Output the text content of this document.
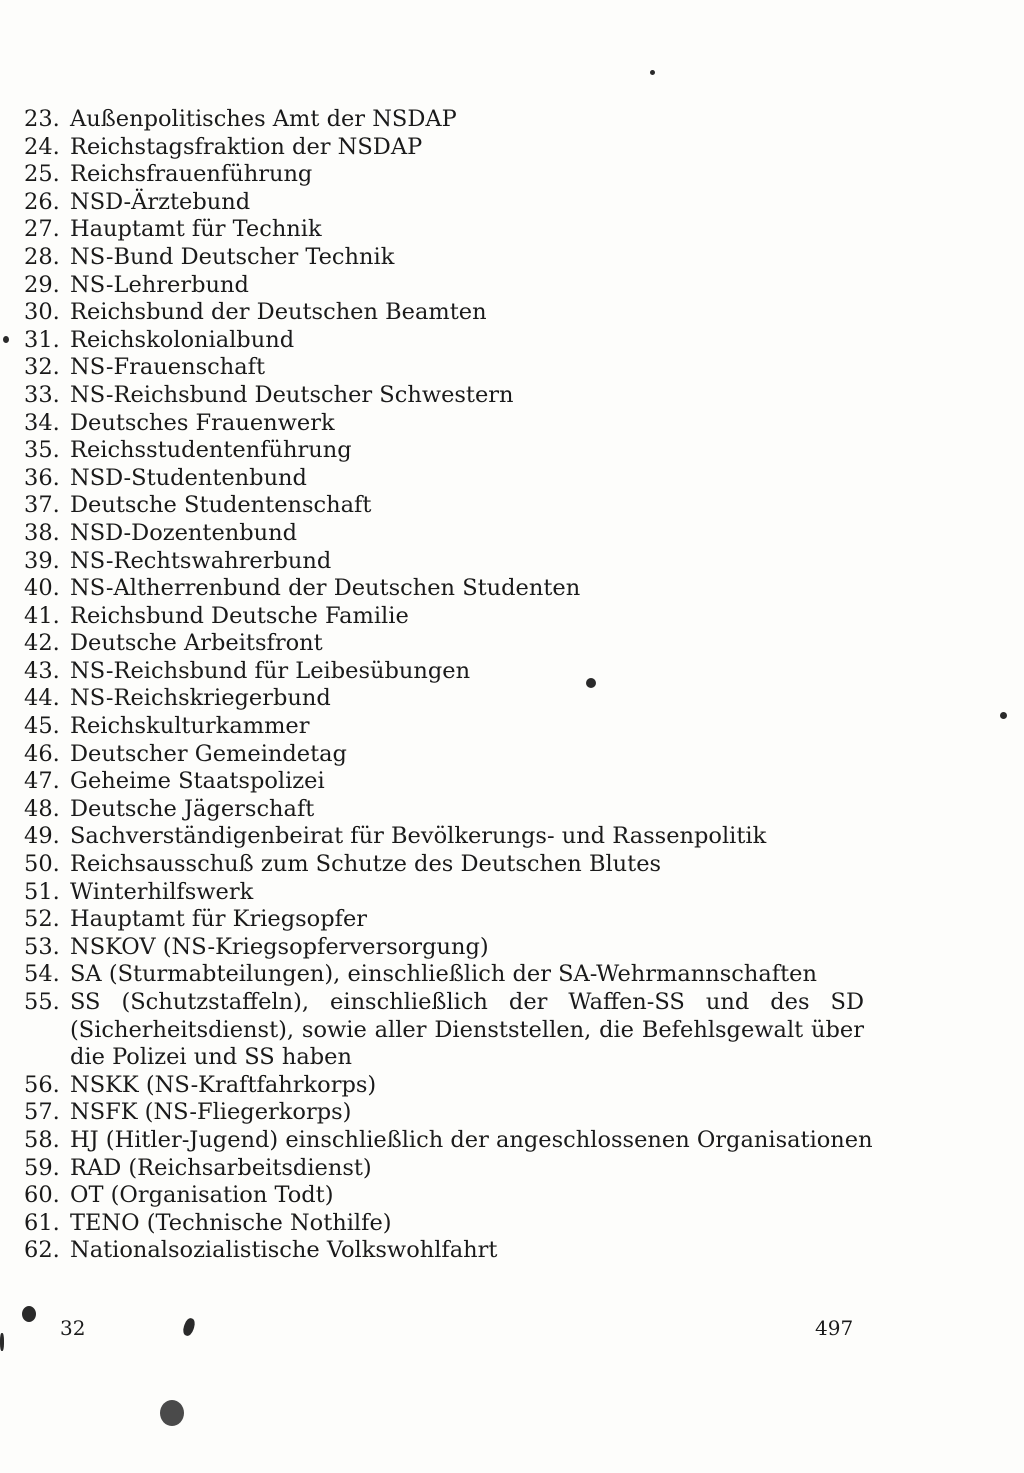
23. Außenpolitisches Amt der NSDAP
24. Reichstagsfraktion der NSDAP
25. Reichsfrauenführung
26. NSD-Ärztebund
27. Hauptamt für Technik
28. NS-Bund Deutscher Technik
29. NS-Lehrerbund
30. Reichsbund der Deutschen Beamten
31. Reichskolonialbund
32. NS-Frauenschaft
33. NS-Reichsbund Deutscher Schwestern
34. Deutsches Frauenwerk
35. Reichsstudentenführung
36. NSD-Studentenbund
37. Deutsche Studentenschaft
38. NSD-Dozentenbund
39. NS-Rechtswahrerbund
40. NS-Altherrenbund der Deutschen Studenten
41. Reichsbund Deutsche Familie
42. Deutsche Arbeitsfront
43. NS-Reichsbund für Leibesübungen
44. NS-Reichskriegerbund
45. Reichskulturkammer
46. Deutscher Gemeindetag
47. Geheime Staatspolizei
48. Deutsche Jägerschaft
49. Sachverständigenbeirat für Bevölkerungs- und Rassenpolitik
50. Reichsausschuß zum Schutze des Deutschen Blutes
51. Winterhilfswerk
52. Hauptamt für Kriegsopfer
53. NSKOV (NS-Kriegsopferversorgung)
54. SA (Sturmabteilungen), einschließlich der SA-Wehrmannschaften
55. SS (Schutzstaffeln), einschließlich der Waffen-SS und des SD (Sicherheitsdienst), sowie aller Dienststellen, die Befehlsgewalt über die Polizei und SS haben
56. NSKK (NS-Kraftfahrkorps)
57. NSFK (NS-Fliegerkorps)
58. HJ (Hitler-Jugend) einschließlich der angeschlossenen Organisationen
59. RAD (Reichsarbeitsdienst)
60. OT (Organisation Todt)
61. TENO (Technische Nothilfe)
62. Nationalsozialistische Volkswohlfahrt
32	497
